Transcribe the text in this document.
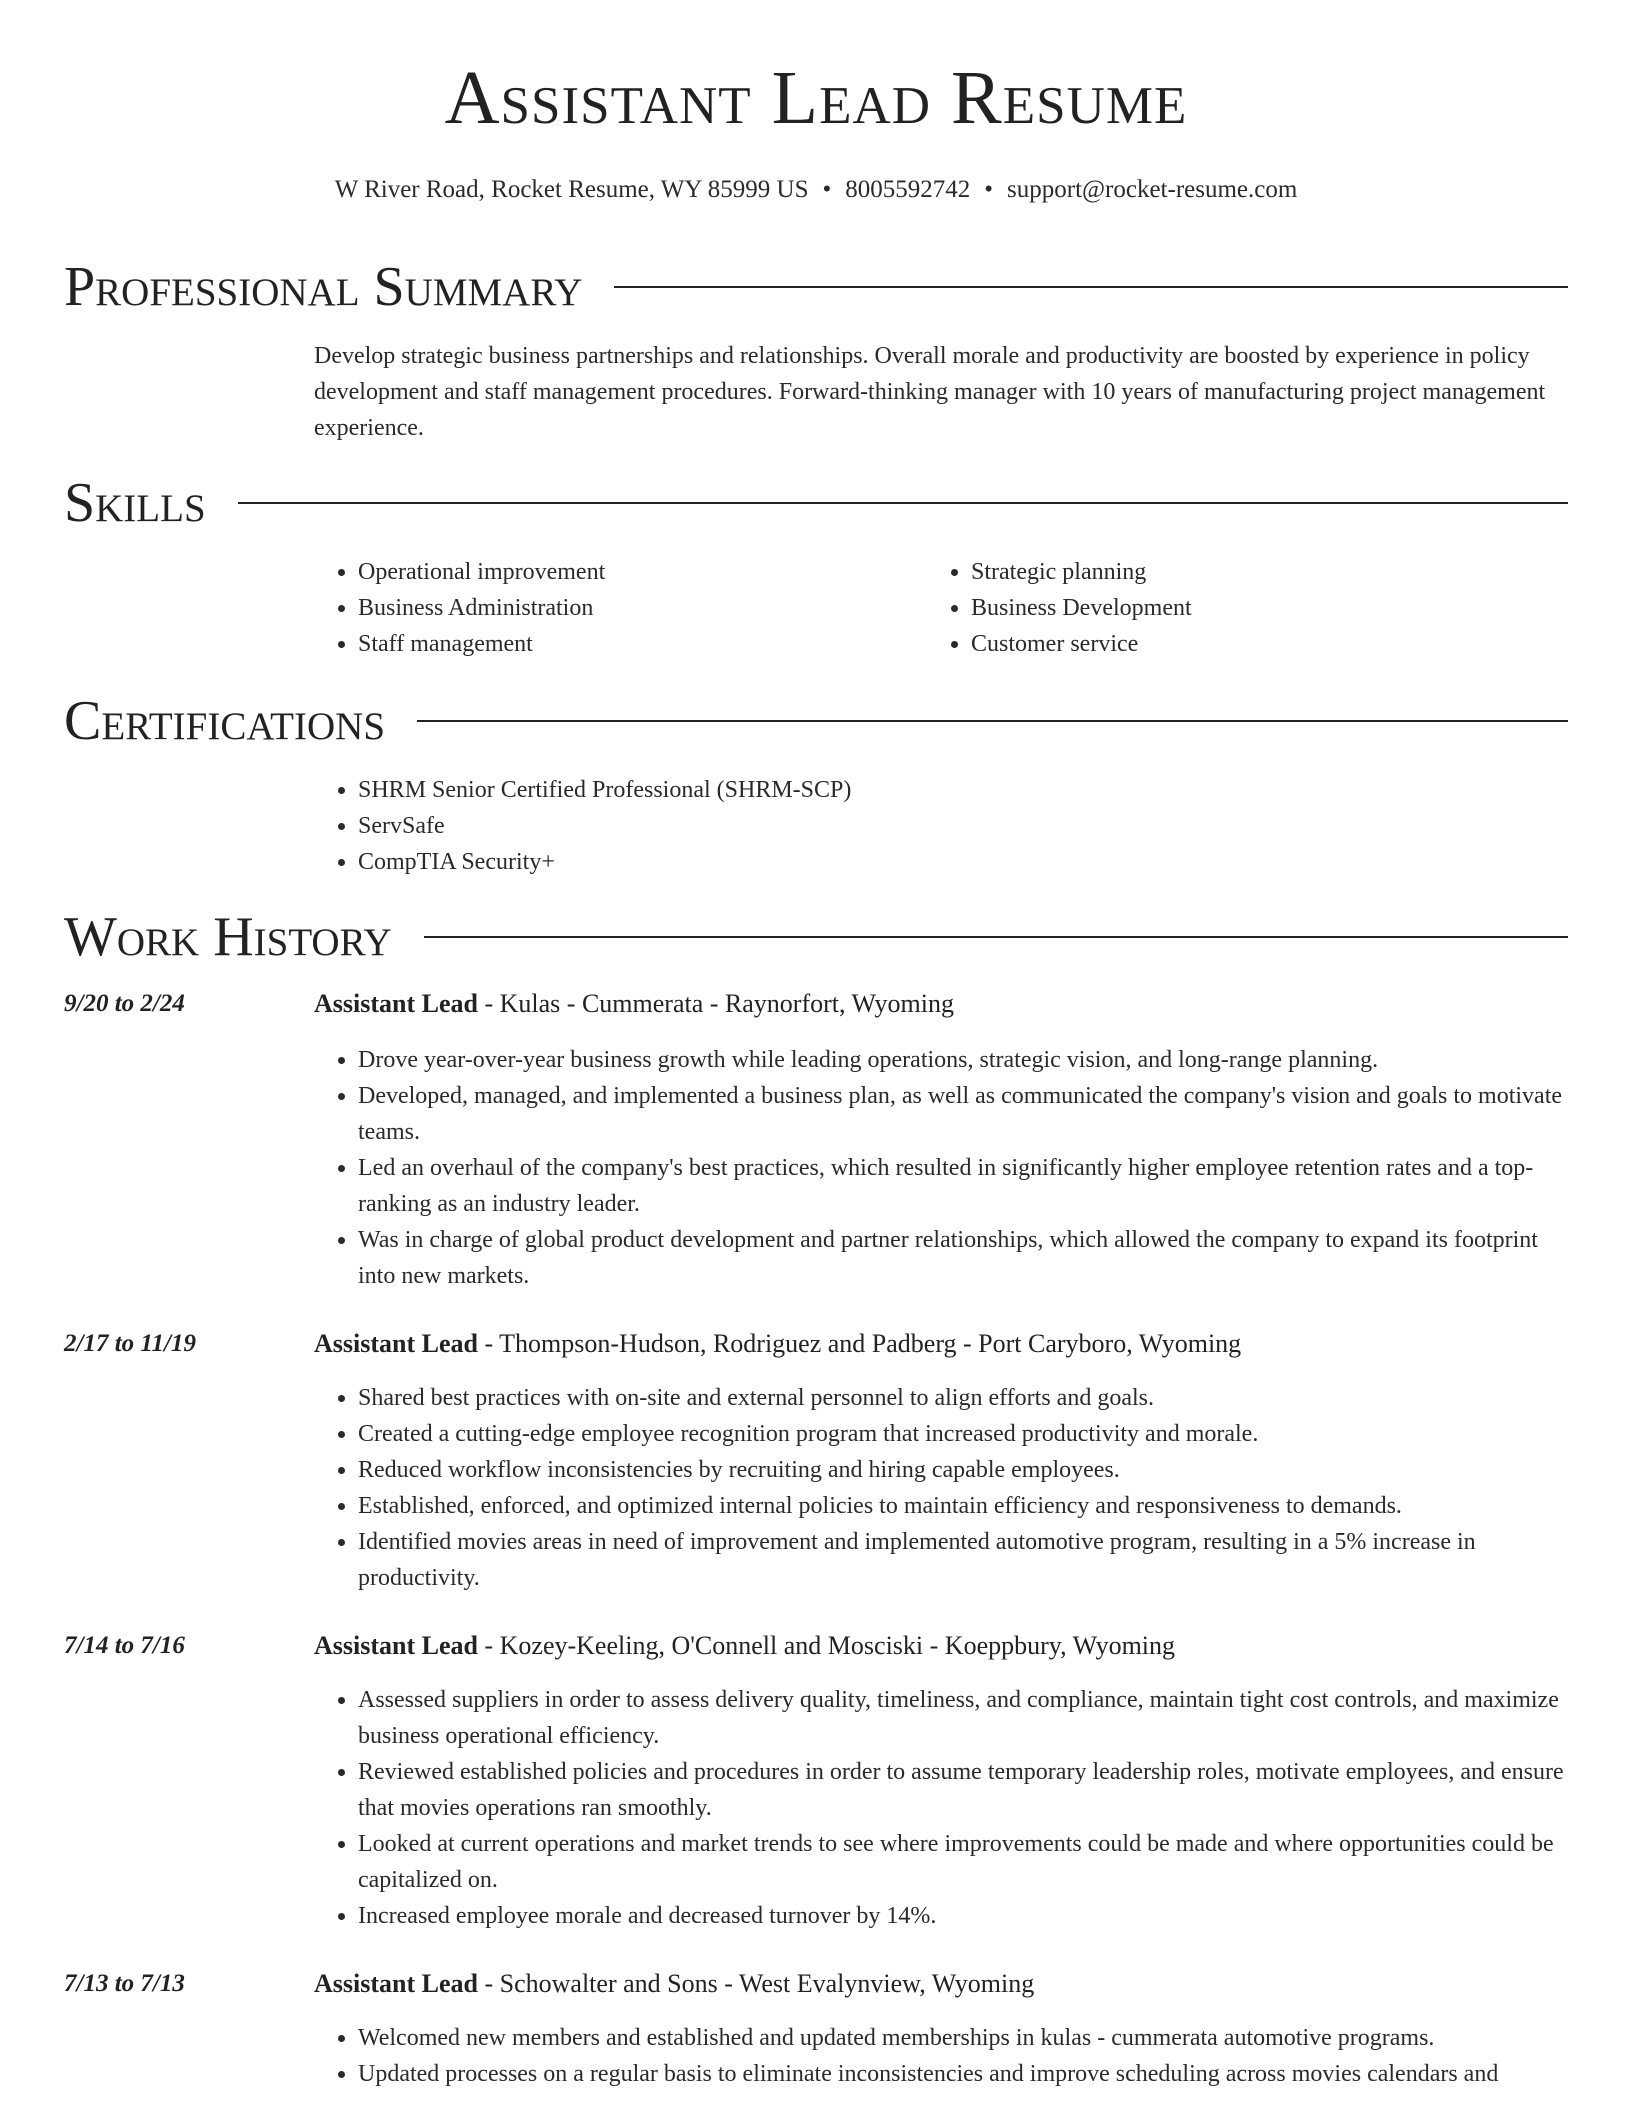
Assistant Lead Resume
W River Road, Rocket Resume, WY 85999 US • 8005592742 • support@rocket-resume.com
Professional Summary
Develop strategic business partnerships and relationships. Overall morale and productivity are boosted by experience in policy development and staff management procedures. Forward-thinking manager with 10 years of manufacturing project management experience.
Skills
• Operational improvement
• Business Administration
• Staff management
• Strategic planning
• Business Development
• Customer service
Certifications
• SHRM Senior Certified Professional (SHRM-SCP)
• ServSafe
• CompTIA Security+
Work History
9/20 to 2/24	Assistant Lead - Kulas - Cummerata - Raynorfort, Wyoming
• Drove year-over-year business growth while leading operations, strategic vision, and long-range planning.
• Developed, managed, and implemented a business plan, as well as communicated the company's vision and goals to motivate teams.
• Led an overhaul of the company's best practices, which resulted in significantly higher employee retention rates and a top-ranking as an industry leader.
• Was in charge of global product development and partner relationships, which allowed the company to expand its footprint into new markets.
2/17 to 11/19	Assistant Lead - Thompson-Hudson, Rodriguez and Padberg - Port Caryboro, Wyoming
• Shared best practices with on-site and external personnel to align efforts and goals.
• Created a cutting-edge employee recognition program that increased productivity and morale.
• Reduced workflow inconsistencies by recruiting and hiring capable employees.
• Established, enforced, and optimized internal policies to maintain efficiency and responsiveness to demands.
• Identified movies areas in need of improvement and implemented automotive program, resulting in a 5% increase in productivity.
7/14 to 7/16	Assistant Lead - Kozey-Keeling, O'Connell and Mosciski - Koeppbury, Wyoming
• Assessed suppliers in order to assess delivery quality, timeliness, and compliance, maintain tight cost controls, and maximize business operational efficiency.
• Reviewed established policies and procedures in order to assume temporary leadership roles, motivate employees, and ensure that movies operations ran smoothly.
• Looked at current operations and market trends to see where improvements could be made and where opportunities could be capitalized on.
• Increased employee morale and decreased turnover by 14%.
7/13 to 7/13	Assistant Lead - Schowalter and Sons - West Evalynview, Wyoming
• Welcomed new members and established and updated memberships in kulas - cummerata automotive programs.
• Updated processes on a regular basis to eliminate inconsistencies and improve scheduling across movies calendars and
